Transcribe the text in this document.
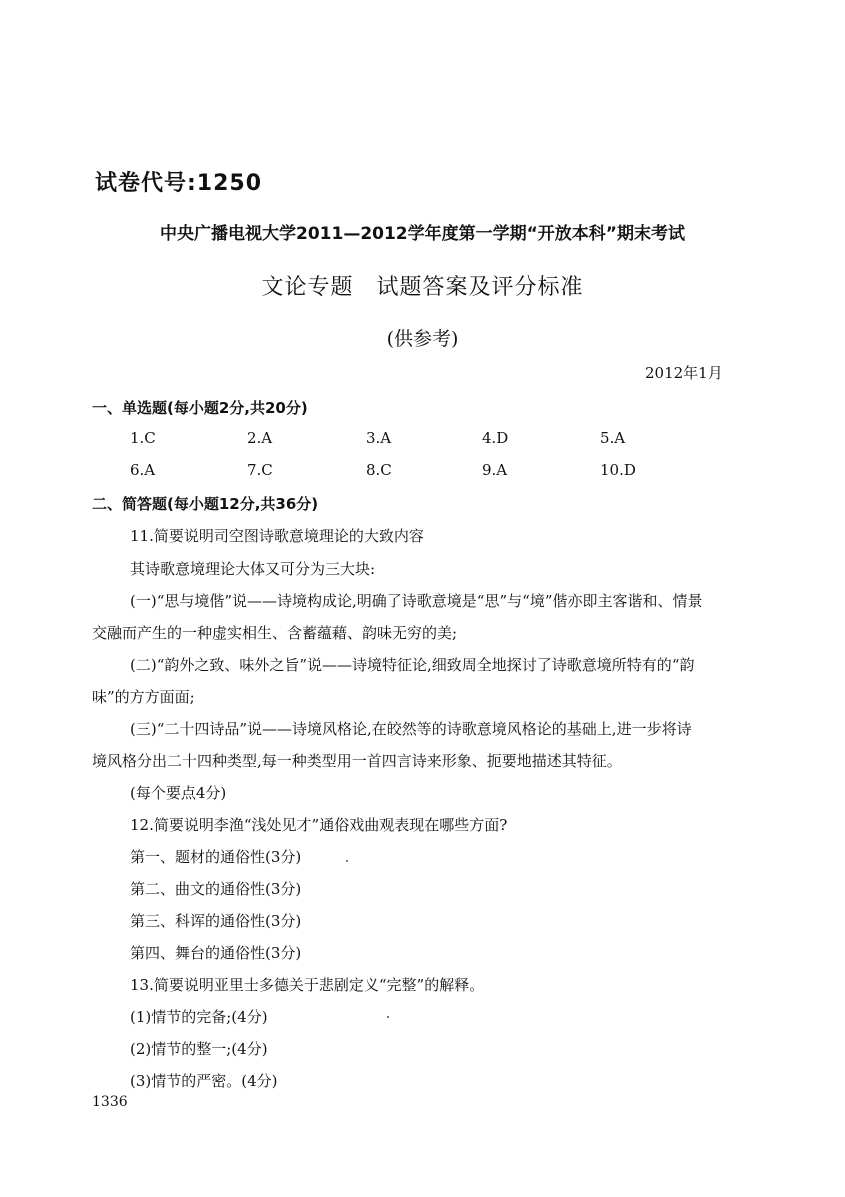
试卷代号:1250
中央广播电视大学2011—2012学年度第一学期“开放本科”期末考试
文论专题　试题答案及评分标准
(供参考)
2012年1月
一、单选题(每小题2分,共20分)
1.C	2.A	3.A	4.D	5.A
6.A	7.C	8.C	9.A	10.D
二、简答题(每小题12分,共36分)
11.简要说明司空图诗歌意境理论的大致内容
其诗歌意境理论大体又可分为三大块:
(一)“思与境偕”说——诗境构成论,明确了诗歌意境是“思”与“境”偕亦即主客谐和、情景
交融而产生的一种虚实相生、含蓄蕴藉、韵味无穷的美;
(二)“韵外之致、味外之旨”说——诗境特征论,细致周全地探讨了诗歌意境所特有的“韵
味”的方方面面;
(三)“二十四诗品”说——诗境风格论,在皎然等的诗歌意境风格论的基础上,进一步将诗
境风格分出二十四种类型,每一种类型用一首四言诗来形象、扼要地描述其特征。
(每个要点4分)
12.简要说明李渔“浅处见才”通俗戏曲观表现在哪些方面?
第一、题材的通俗性(3分)
第二、曲文的通俗性(3分)
第三、科诨的通俗性(3分)
第四、舞台的通俗性(3分)
13.简要说明亚里士多德关于悲剧定义“完整”的解释。
(1)情节的完备;(4分)
(2)情节的整一;(4分)
(3)情节的严密。(4分)
1336
